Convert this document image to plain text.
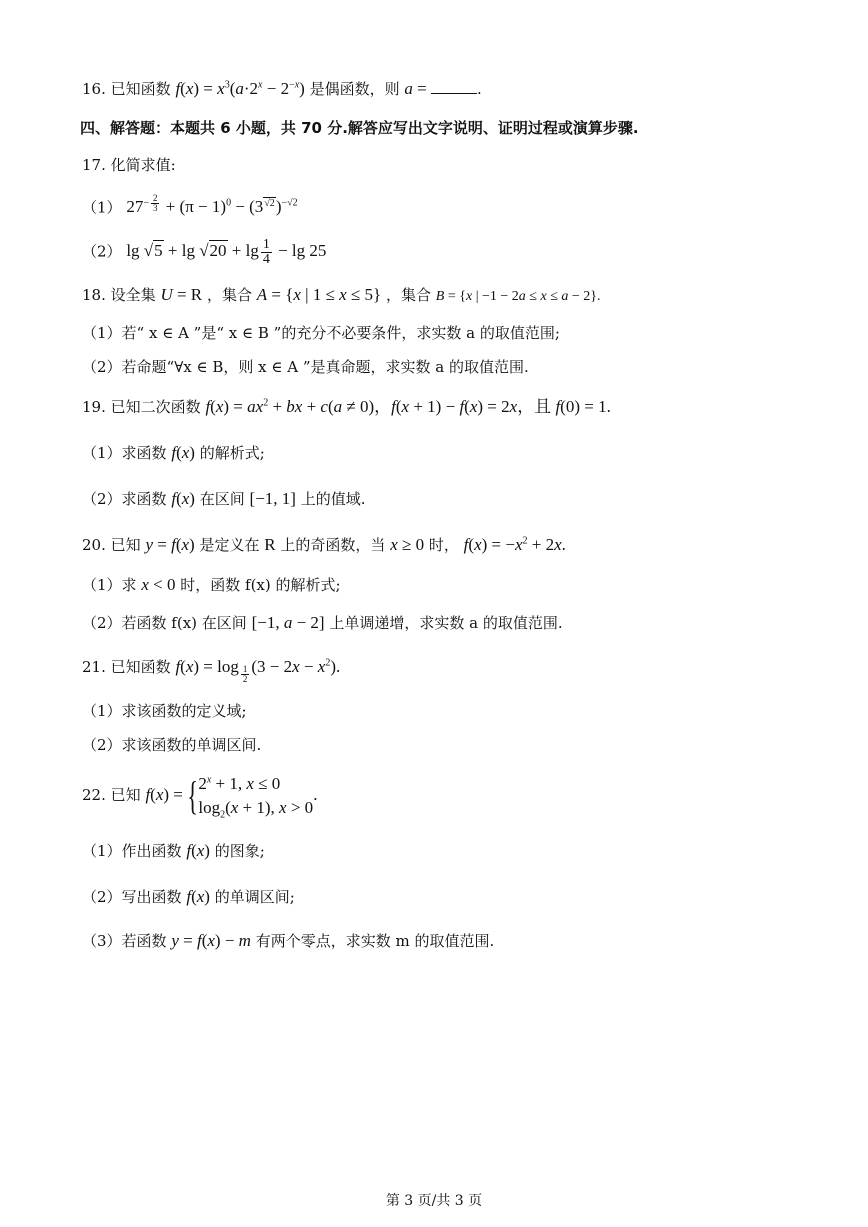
16. 已知函数 $f(x) = x^3(a\cdot 2^x - 2^{-x})$ 是偶函数，则 a =	.
四、解答题：本题共 6 小题，共 70 分.解答应写出文字说明、证明过程或演算步骤.
17. 化简求值:
（1） $27^{- \frac{2}{3}} + (\pi - 1)^0 - (3^{√2})^{-√2}$
（2） $\lg √5 + \lg √20 + \lg \frac{1}{4} - \lg 25$
18. 设全集 U = R ，集合 A = {x | 1 ≤ x ≤ 5} ，集合 B = {x | −1 − 2a ≤ x ≤ a − 2}.
（1）若“ x ∈ A ”是“ x ∈ B ”的充分不必要条件，求实数 a 的取值范围;
（2）若命题“∀x ∈ B，则 x ∈ A ”是真命题，求实数 a 的取值范围.
19. 已知二次函数 $f(x) = ax^2$ + bx + c(a ≠ 0)，f(x + 1) − f(x) = 2x，且 f(0) = 1.
（1）求函数 f(x) 的解析式;
（2）求函数 f(x) 在区间 [−1, 1] 上的值域.
20. 已知 y = f(x) 是定义在 R 上的奇函数，当 x ≥ 0 时， $f(x) = -x^2 + 2x$.
（1）求 x < 0 时，函数 f(x) 的解析式;
（2）若函数 f(x) 在区间 [−1, a − 2] 上单调递增，求实数 a 的取值范围.
21. 已知函数 f(x) = log $_{\frac{1}{2}}$ $(3 - 2x - x^2)$.
（1）求该函数的定义域;
（2）求该函数的单调区间.
22. 已知 f(x) = { $2^x + 1$, x ≤ 0
$\log_2(x + 1)$, x > 0
.
（1）作出函数 f(x) 的图象;
（2）写出函数 f(x) 的单调区间;
（3）若函数 y = f(x) − m 有两个零点，求实数 m 的取值范围.
第 3 页/共 3 页
